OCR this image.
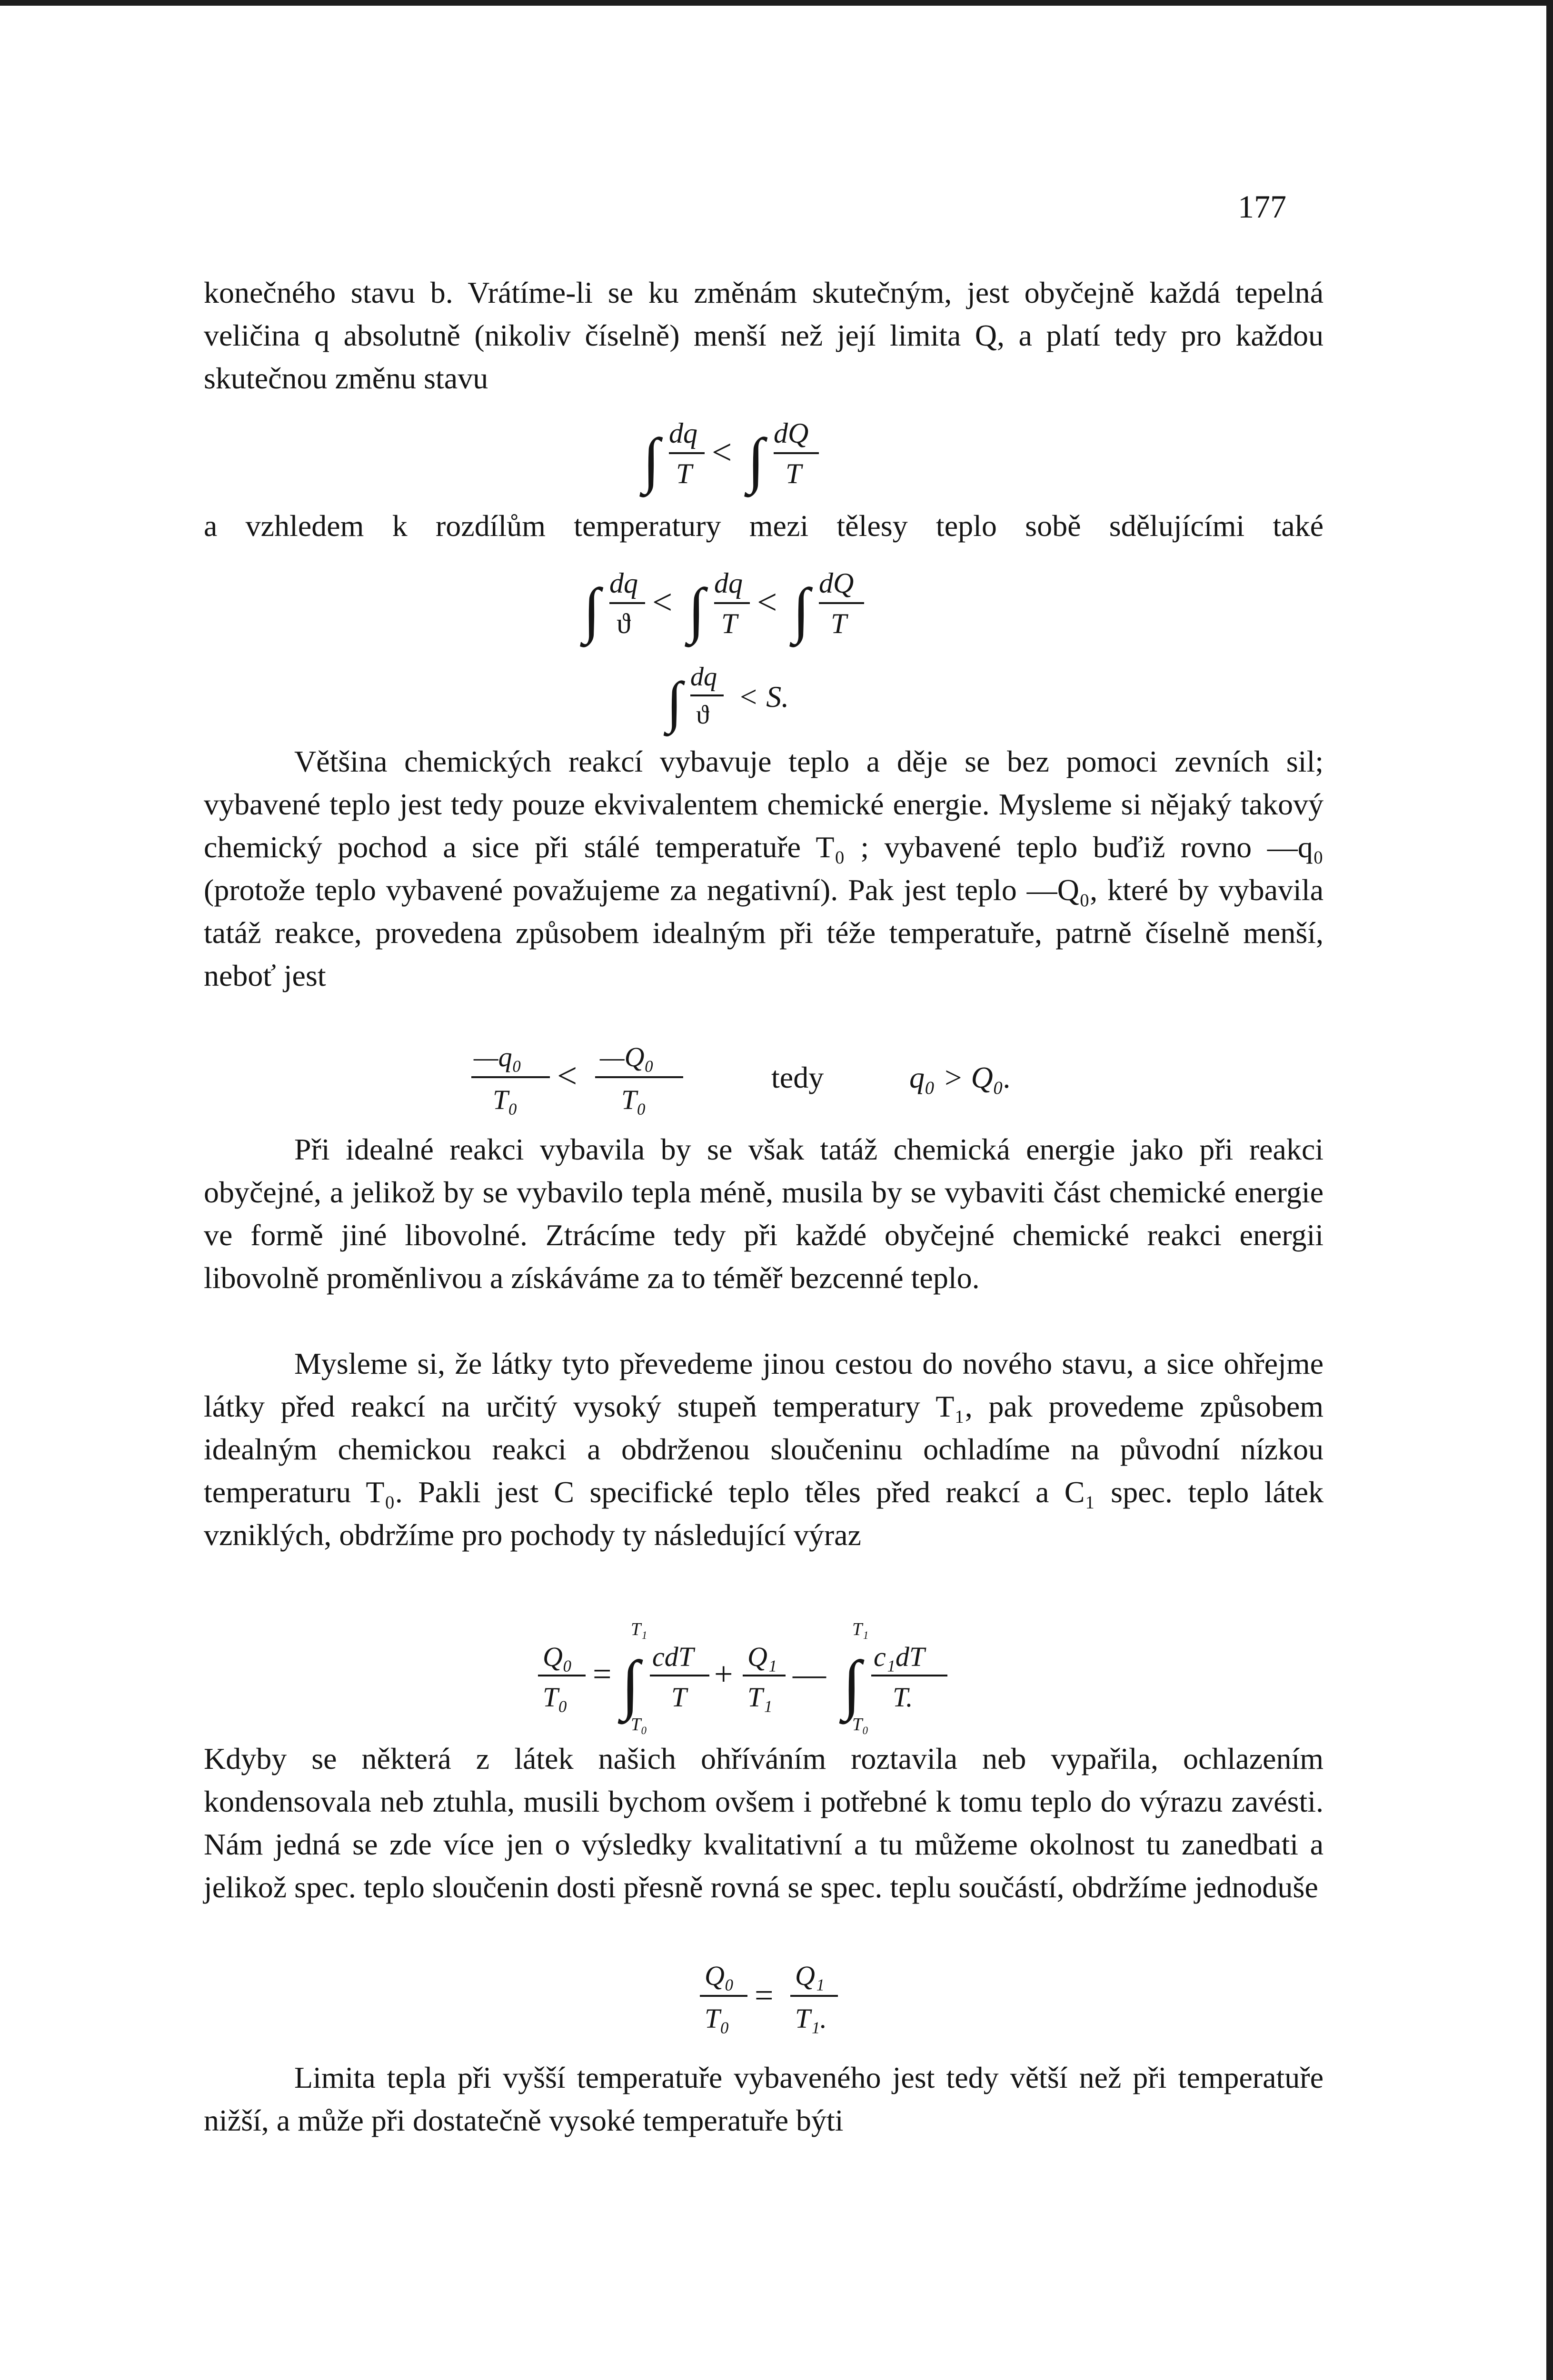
177

konečného stavu b. Vrátíme-li se ku změnám skutečným, jest obyčejně každá tepelná veličina q absolutně (nikoliv číselně) menší než její limita Q, a platí tedy pro každou skutečnou změnu stavu

∫ dq
T
< ∫ dQ
T

a vzhledem k rozdílům temperatury mezi tělesy teplo sobě sdělujícími také

∫ dq
ϑ
< ∫ dq
T
< ∫ dQ
T
∫ dq
ϑ
< S.

Většina chemických reakcí vybavuje teplo a děje se bez pomoci zevních sil; vybavené teplo jest tedy pouze ekvivalentem chemické energie. Mysleme si nějaký takový chemický pochod a sice při stálé temperatuře T₀ ; vybavené teplo buďiž rovno —q₀ (protože teplo vybavené považujeme za negativní). Pak jest teplo —Q₀, které by vybavila tatáž reakce, provedena způsobem idealným při téže temperatuře, patrně číselně menší, neboť jest

—q₀
T₀
< —Q₀
T₀
tedy	q₀ > Q₀.

Při idealné reakci vybavila by se však tatáž chemická energie jako při reakci obyčejné, a jelikož by se vybavilo tepla méně, musila by se vybaviti část chemické energie ve formě jiné libovolné. Ztrácíme tedy při každé obyčejné chemické reakci energii libovolně proměnlivou a získáváme za to téměř bezcenné teplo.

Mysleme si, že látky tyto převedeme jinou cestou do nového stavu, a sice ohřejme látky před reakcí na určitý vysoký stupeň temperatury T₁, pak provedeme způsobem idealným chemickou reakci a obdrženou sloučeninu ochladíme na původní nízkou temperaturu T₀. Pakli jest C specifické teplo těles před reakcí a C₁ spec. teplo látek vzniklých, obdržíme pro pochody ty následující výraz

Q₀
T₀
=
T₁
∫
T₀
cdT
T
+ Q₁
T₁
—
T₁
∫
T₀
c₁dT
T.

Kdyby se některá z látek našich ohříváním roztavila neb vypařila, ochlazením kondensovala neb ztuhla, musili bychom ovšem i potřebné k tomu teplo do výrazu zavésti. Nám jedná se zde více jen o výsledky kvalitativní a tu můžeme okolnost tu zanedbati a jelikož spec. teplo sloučenin dosti přesně rovná se spec. teplu součástí, obdržíme jednoduše

Q₀
T₀
=
Q₁
T₁.

Limita tepla při vyšší temperatuře vybaveného jest tedy větší než při temperatuře nižší, a může při dostatečně vysoké temperatuře býti
